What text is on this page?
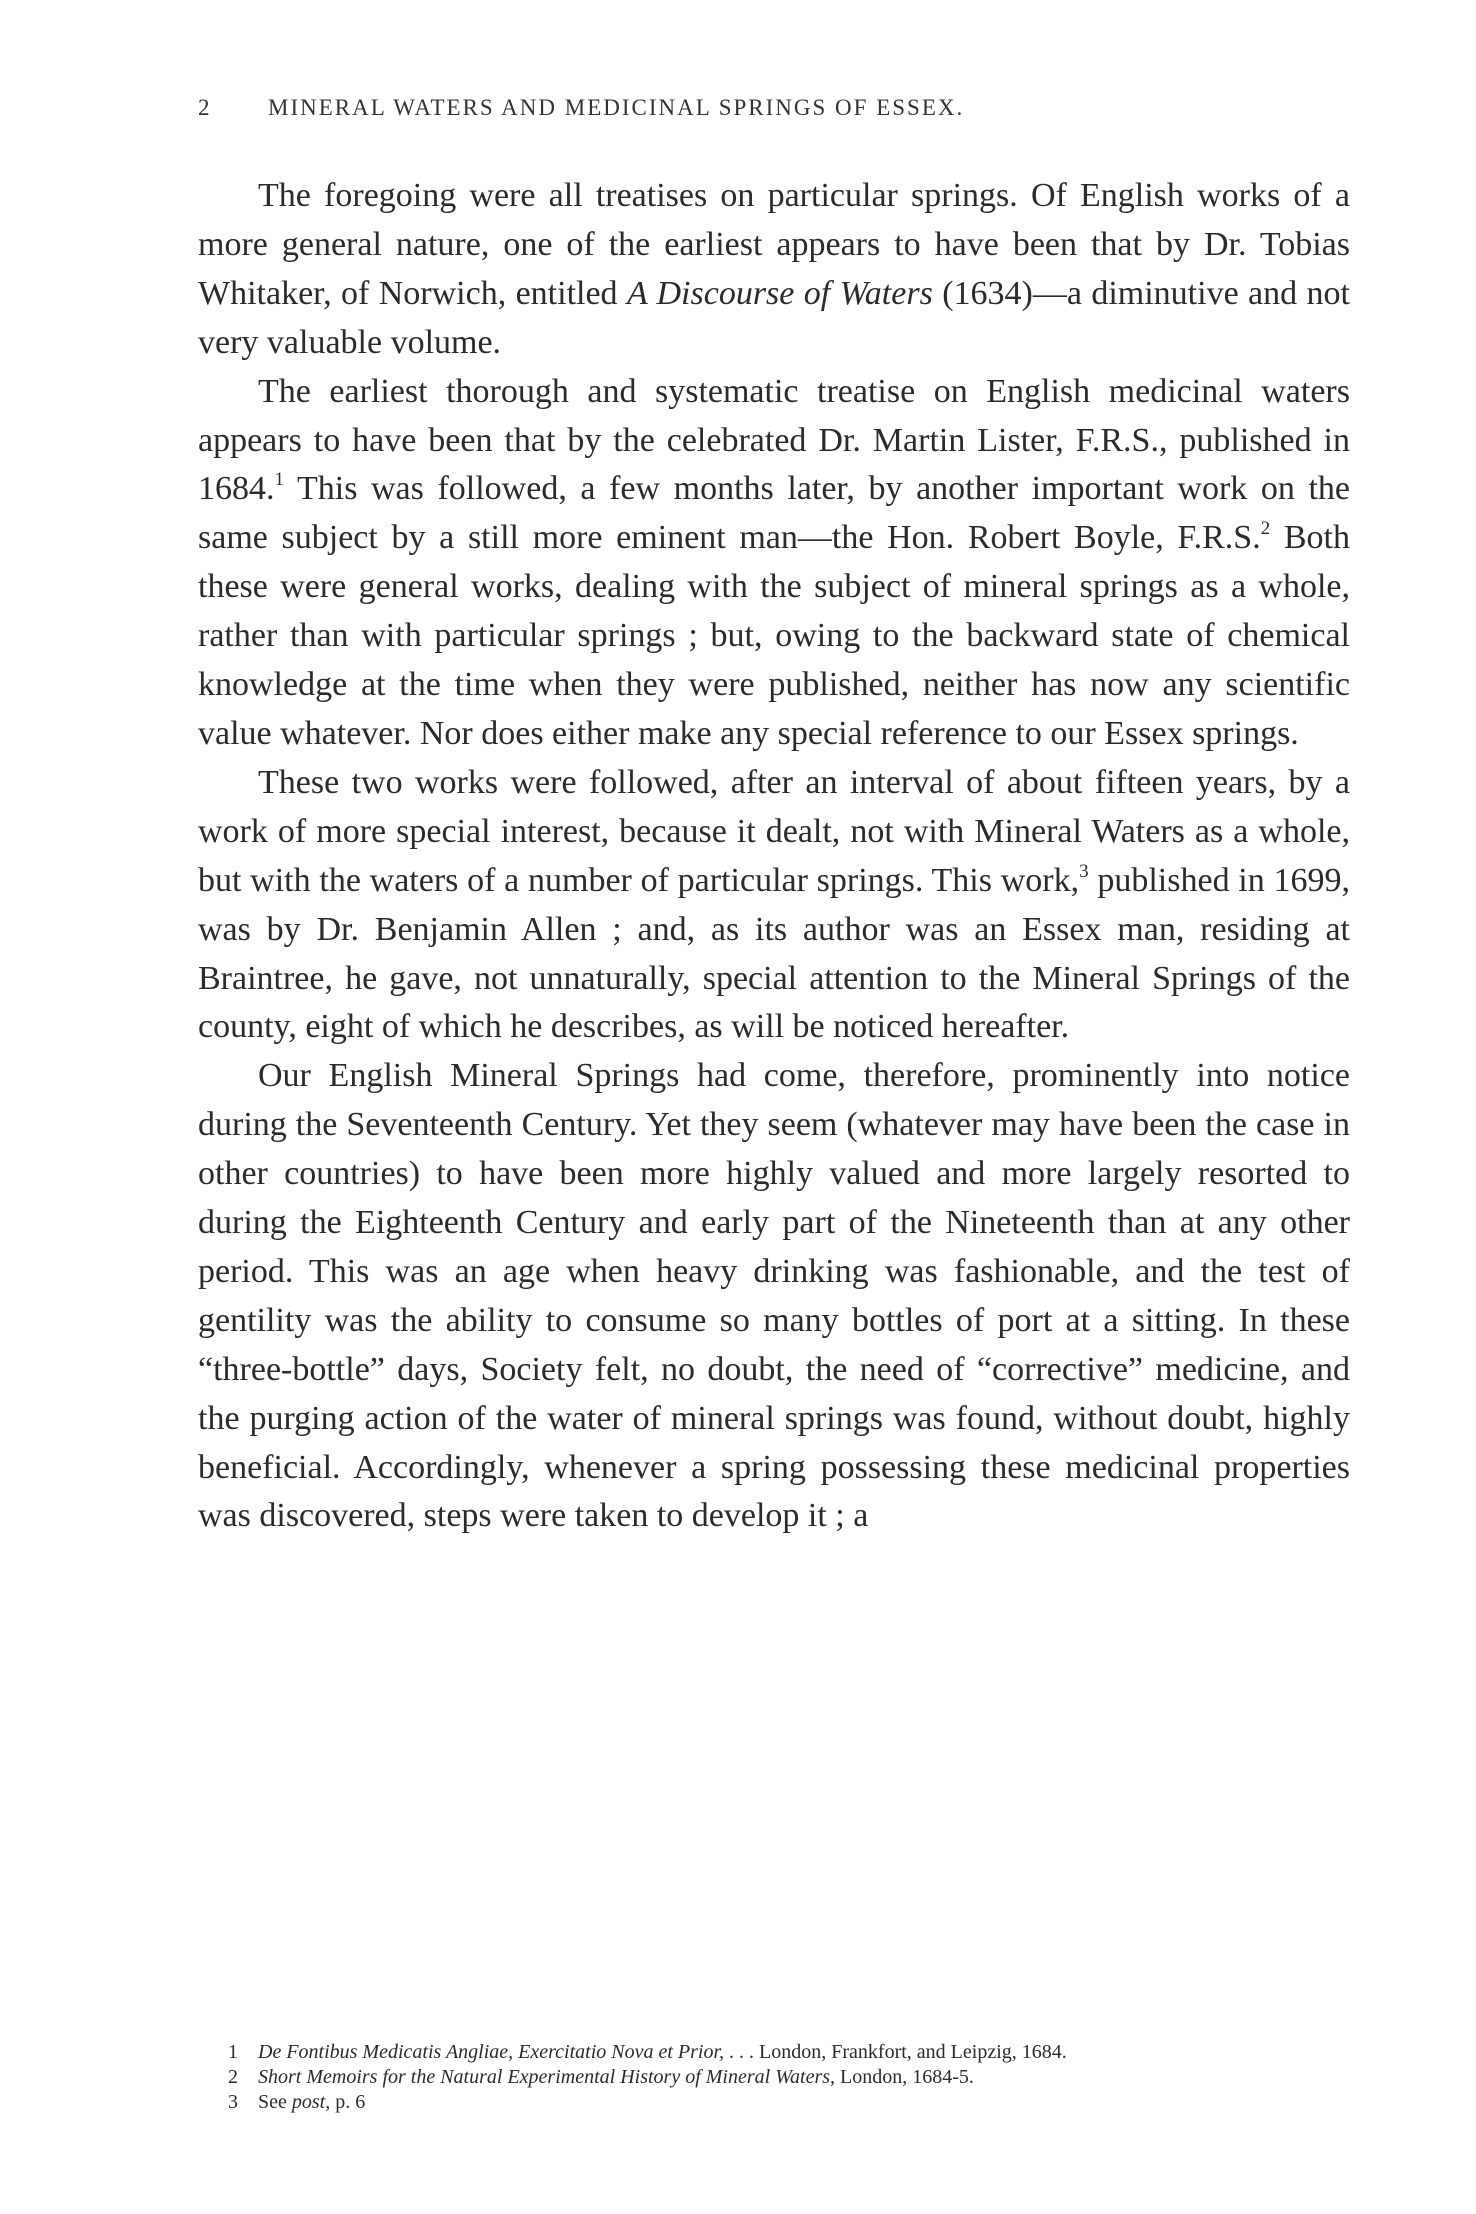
2	MINERAL WATERS AND MEDICINAL SPRINGS OF ESSEX.

The foregoing were all treatises on particular springs. Of English works of a more general nature, one of the earliest appears to have been that by Dr. Tobias Whitaker, of Norwich, entitled A Discourse of Waters (1634)—a diminutive and not very valuable volume.

The earliest thorough and systematic treatise on English medicinal waters appears to have been that by the celebrated Dr. Martin Lister, F.R.S., published in 1684.$^1$ This was followed, a few months later, by another important work on the same subject by a still more eminent man—the Hon. Robert Boyle, F.R.S.$^2$ Both these were general works, dealing with the subject of mineral springs as a whole, rather than with particular springs ; but, owing to the backward state of chemical knowledge at the time when they were published, neither has now any scientific value whatever. Nor does either make any special reference to our Essex springs.

These two works were followed, after an interval of about fifteen years, by a work of more special interest, because it dealt, not with Mineral Waters as a whole, but with the waters of a number of particular springs. This work,$^3$ published in 1699, was by Dr. Benjamin Allen ; and, as its author was an Essex man, residing at Braintree, he gave, not unnaturally, special attention to the Mineral Springs of the county, eight of which he describes, as will be noticed hereafter.

Our English Mineral Springs had come, therefore, prominently into notice during the Seventeenth Century. Yet they seem (whatever may have been the case in other countries) to have been more highly valued and more largely resorted to during the Eighteenth Century and early part of the Nineteenth than at any other period. This was an age when heavy drinking was fashionable, and the test of gentility was the ability to consume so many bottles of port at a sitting. In these “three-bottle” days, Society felt, no doubt, the need of “corrective” medicine, and the purging action of the water of mineral springs was found, without doubt, highly beneficial. Accordingly, whenever a spring possessing these medicinal properties was discovered, steps were taken to develop it ; a

1 De Fontibus Medicatis Angliae, Exercitatio Nova et Prior, . . . London, Frankfort, and Leipzig, 1684.

2 Short Memoirs for the Natural Experimental History of Mineral Waters, London, 1684-5.

3 See post, p. 6
